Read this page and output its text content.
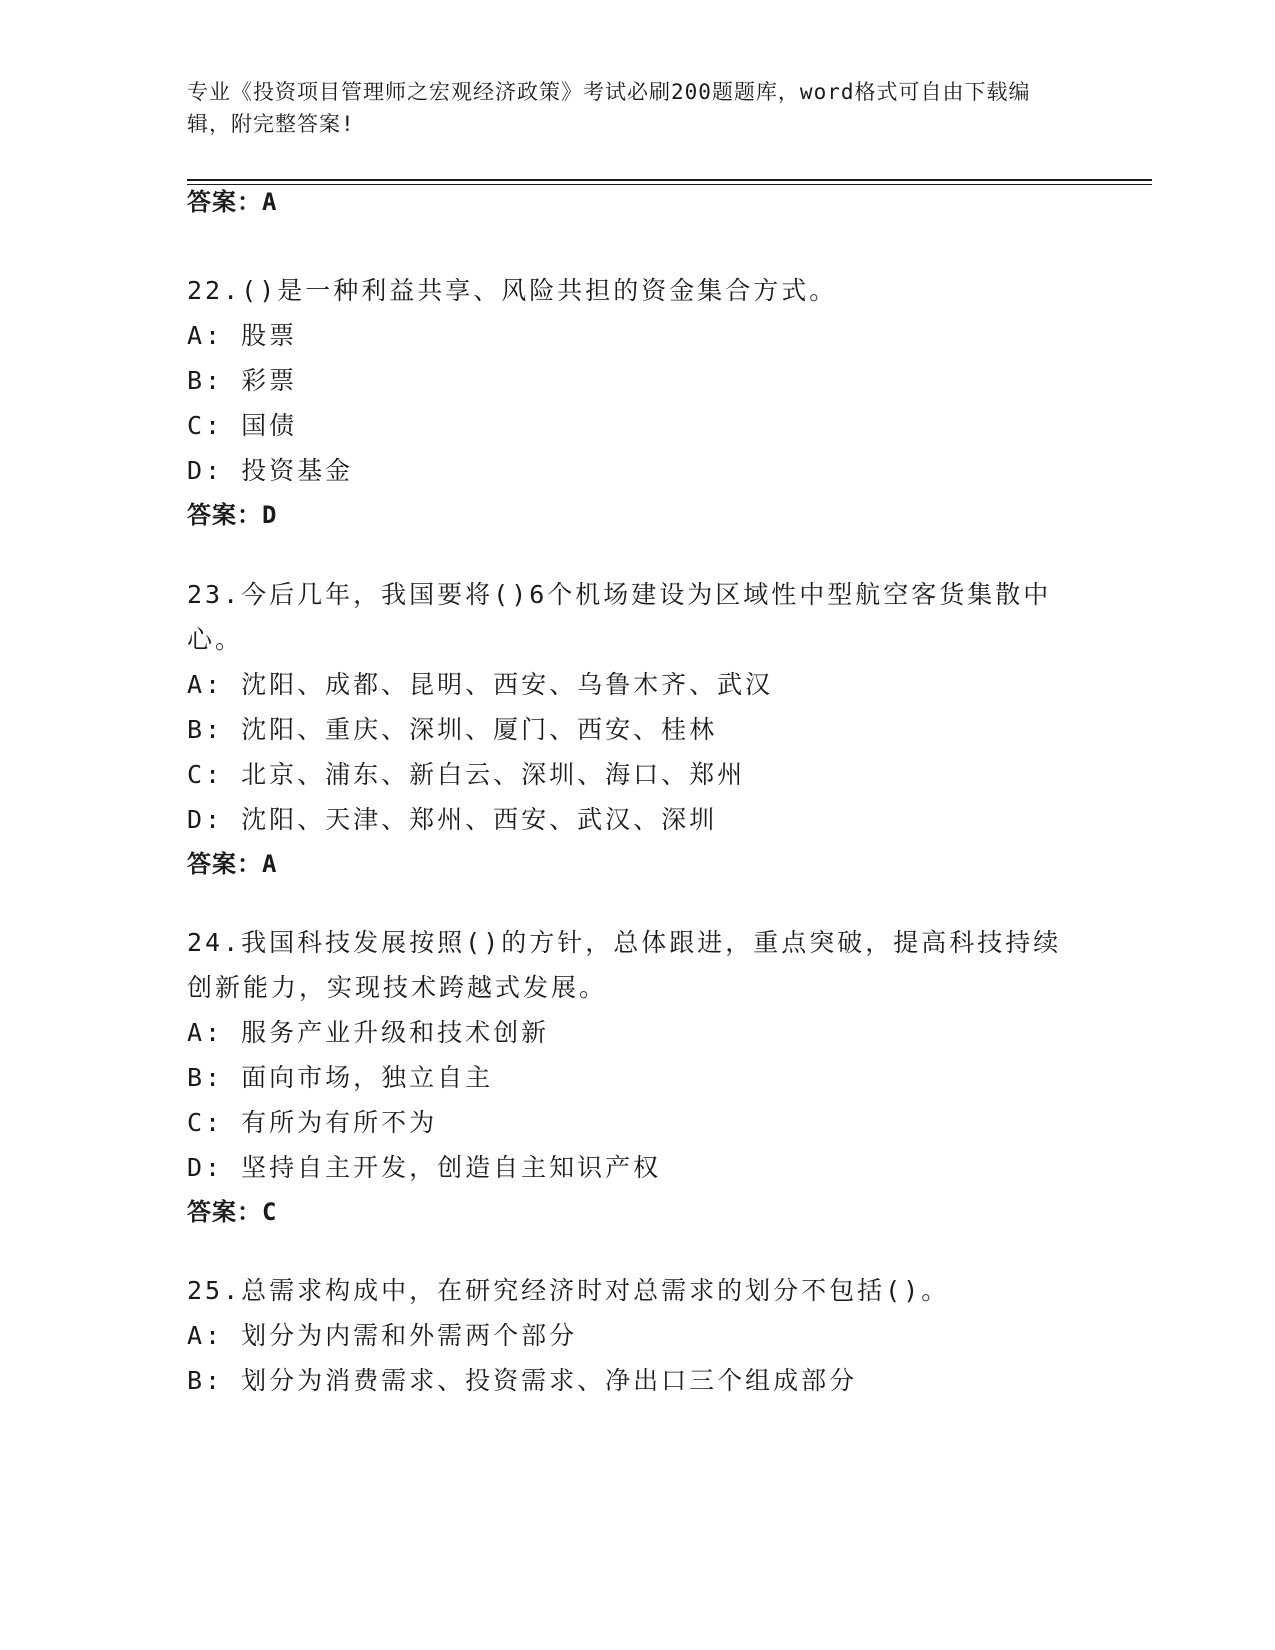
专业《投资项目管理师之宏观经济政策》考试必刷200题题库，word格式可自由下载编辑，附完整答案!
答案：A

22.()是一种利益共享、风险共担的资金集合方式。

A: 股票
B: 彩票
C: 国债
D: 投资基金
答案：D

23.今后几年，我国要将()6个机场建设为区域性中型航空客货集散中心。

A: 沈阳、成都、昆明、西安、乌鲁木齐、武汉
B: 沈阳、重庆、深圳、厦门、西安、桂林
C: 北京、浦东、新白云、深圳、海口、郑州
D: 沈阳、天津、郑州、西安、武汉、深圳
答案：A

24.我国科技发展按照()的方针，总体跟进，重点突破，提高科技持续创新能力，实现技术跨越式发展。

A: 服务产业升级和技术创新
B: 面向市场，独立自主
C: 有所为有所不为
D: 坚持自主开发，创造自主知识产权
答案：C

25.总需求构成中，在研究经济时对总需求的划分不包括()。

A: 划分为内需和外需两个部分
B: 划分为消费需求、投资需求、净出口三个组成部分
